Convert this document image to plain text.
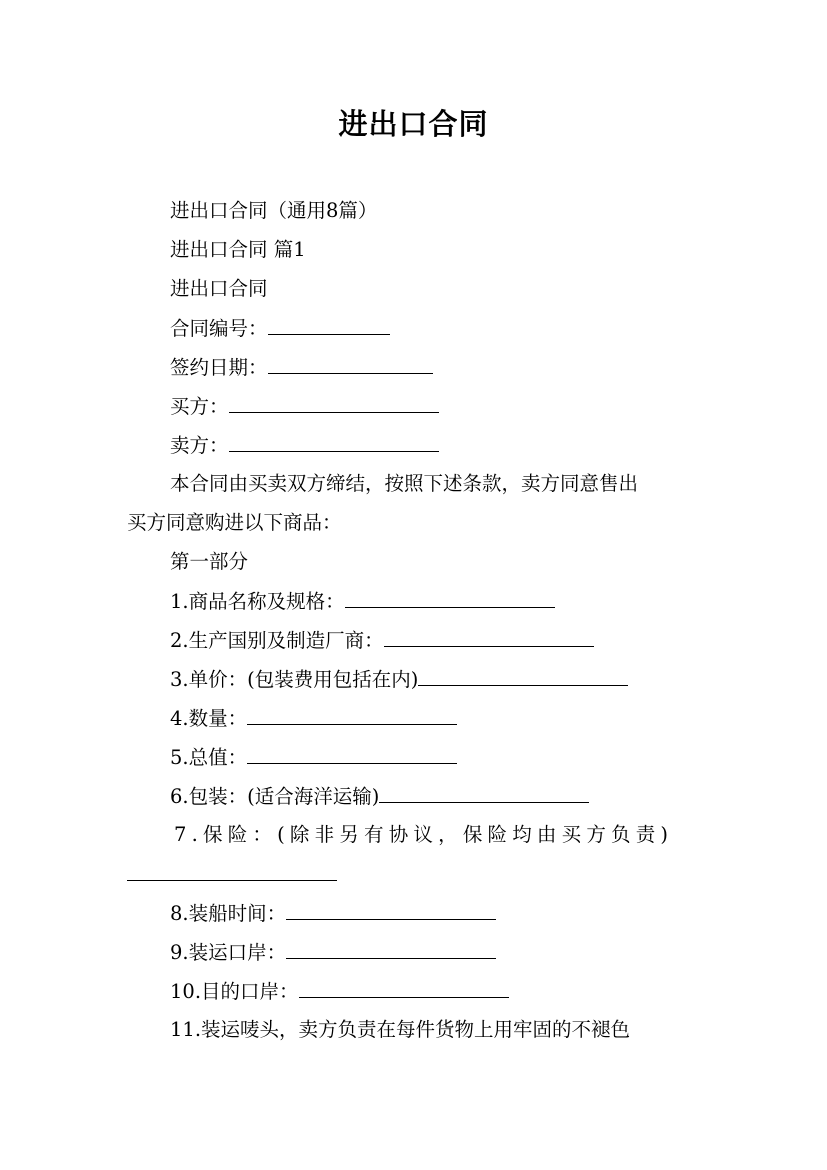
进出口合同
进出口合同（通用8篇）
进出口合同 篇1
进出口合同
合同编号：
签约日期：
买方：
卖方：
本合同由买卖双方缔结，按照下述条款，卖方同意售出
买方同意购进以下商品：
第一部分
1.商品名称及规格：
2.生产国别及制造厂商：
3.单价：(包装费用包括在内)
4.数量：
5.总值：
6.包装：(适合海洋运输)
7.保险：(除非另有协议，保险均由买方负责)
8.装船时间：
9.装运口岸：
10.目的口岸：
11.装运唛头，卖方负责在每件货物上用牢固的不褪色
